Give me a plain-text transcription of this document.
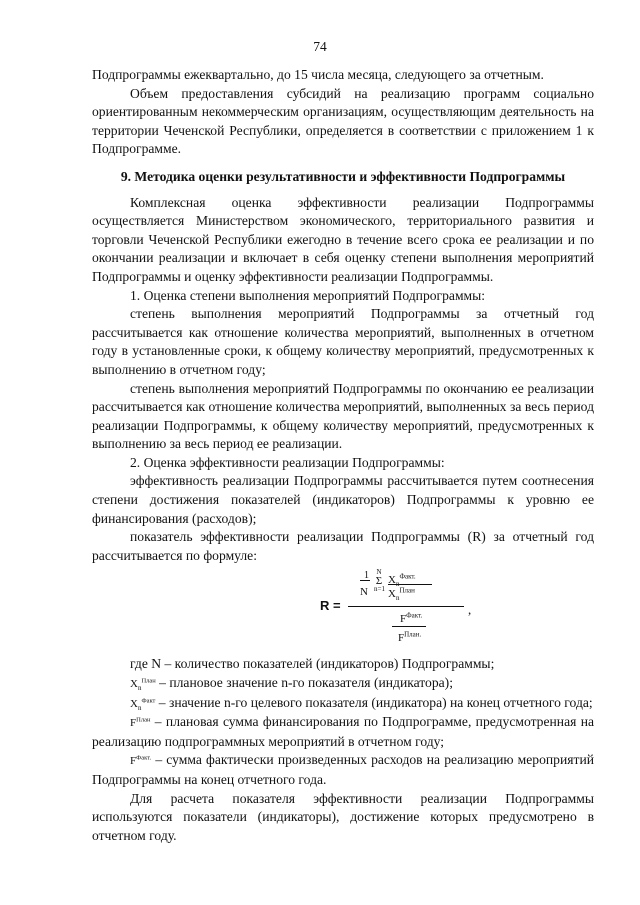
74

Подпрограммы ежеквартально, до 15 числа месяца, следующего за отчетным.

Объем предоставления субсидий на реализацию программ социально ориентированным некоммерческим организациям, осуществляющим деятельность на территории Чеченской Республики, определяется в соответствии с приложением 1 к Подпрограмме.

9. Методика оценки результативности и эффективности Подпрограммы

Комплексная оценка эффективности реализации Подпрограммы осуществляется Министерством экономического, территориального развития и торговли Чеченской Республики ежегодно в течение всего срока ее реализации и по окончании реализации и включает в себя оценку степени выполнения мероприятий Подпрограммы и оценку эффективности реализации Подпрограммы.

1. Оценка степени выполнения мероприятий Подпрограммы:

степень выполнения мероприятий Подпрограммы за отчетный год рассчитывается как отношение количества мероприятий, выполненных в отчетном году в установленные сроки, к общему количеству мероприятий, предусмотренных к выполнению в отчетном году;

степень выполнения мероприятий Подпрограммы по окончанию ее реализации рассчитывается как отношение количества мероприятий, выполненных за весь период реализации Подпрограммы, к общему количеству мероприятий, предусмотренных к выполнению за весь период ее реализации.

2. Оценка эффективности реализации Подпрограммы:

эффективность реализации Подпрограммы рассчитывается путем соотнесения степени достижения показателей (индикаторов) Подпрограммы к уровню ее финансирования (расходов);

показатель эффективности реализации Подпрограммы (R) за отчетный год рассчитывается по формуле:

R =
1
N
N
Σ
n=1
$X_n^{Факт.}$
$X_n^{План}$
$F^{Факт.}$
$F^{План.}$
,

где N – количество показателей (индикаторов) Подпрограммы;

$X_n^{План}$ – плановое значение n-го показателя (индикатора);

$X_n^{Факт}$ – значение n-го целевого показателя (индикатора) на конец отчетного года;

$F^{План}$ – плановая сумма финансирования по Подпрограмме, предусмотренная на реализацию подпрограммных мероприятий в отчетном году;

$F^{Факт.}$ – сумма фактически произведенных расходов на реализацию мероприятий Подпрограммы на конец отчетного года.

Для расчета показателя эффективности реализации Подпрограммы используются показатели (индикаторы), достижение которых предусмотрено в отчетном году.
